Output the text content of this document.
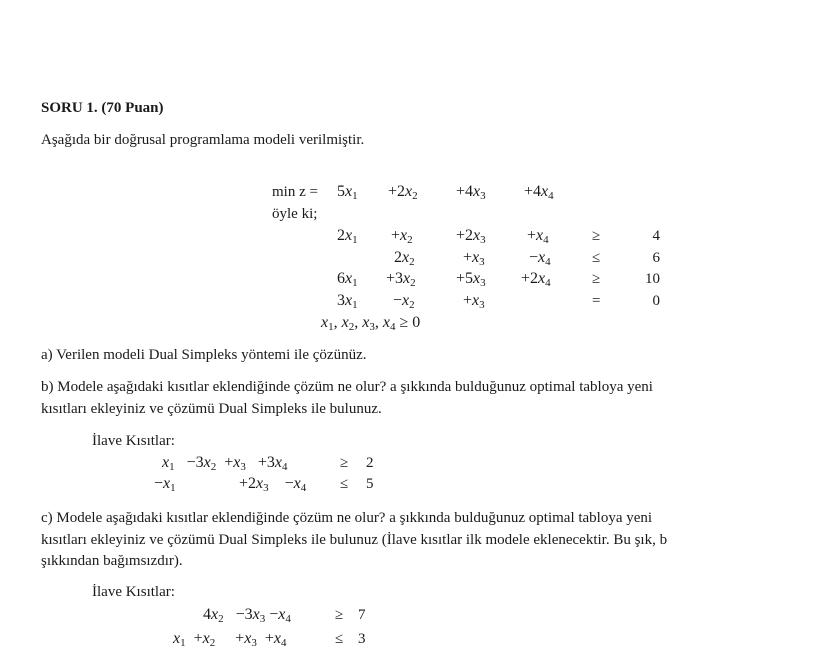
SORU 1. (70 Puan)
Aşağıda bir doğrusal programlama modeli verilmiştir.
min z =
öyle ki;
$5x_1 +2x_2 +4x_3 +4x_4$
$2x_1 +x_2$	$+2x_3$	$+x_4$	≥	4
$2x_2$	$+x_3$	$-x_4$	≤	6
$6x_1 +3x_2$	$+5x_3 +2x_4$	≥	10
$3x_1 -x_2$	$+x_3$	=	0
$x_1$, $x_2$, $x_3$, $x_4 \ge 0$
a) Verilen modeli Dual Simpleks yöntemi ile çözünüz.
b) Modele aşağıdaki kısıtlar eklendiğinde çözüm ne olur? a şıkkında bulduğunuz optimal tabloya yeni
kısıtları ekleyiniz ve çözümü Dual Simpleks ile bulunuz.
İlave Kısıtlar:
$x_1 -3x_2 +x_3 +3x_4$	≥ 2
$-x_1$	$+2x_3$    $-x_4 \le 5$
c) Modele aşağıdaki kısıtlar eklendiğinde çözüm ne olur? a şıkkında bulduğunuz optimal tabloya yeni
kısıtları ekleyiniz ve çözümü Dual Simpleks ile bulunuz (İlave kısıtlar ilk modele eklenecektir. Bu şık, b
şıkkından bağımsızdır).
İlave Kısıtlar:
$4x_2 -3x_3 -x_4$	≥ 7
$x_1 +x_2$     $+x_3 +x_4$	≤ 3
